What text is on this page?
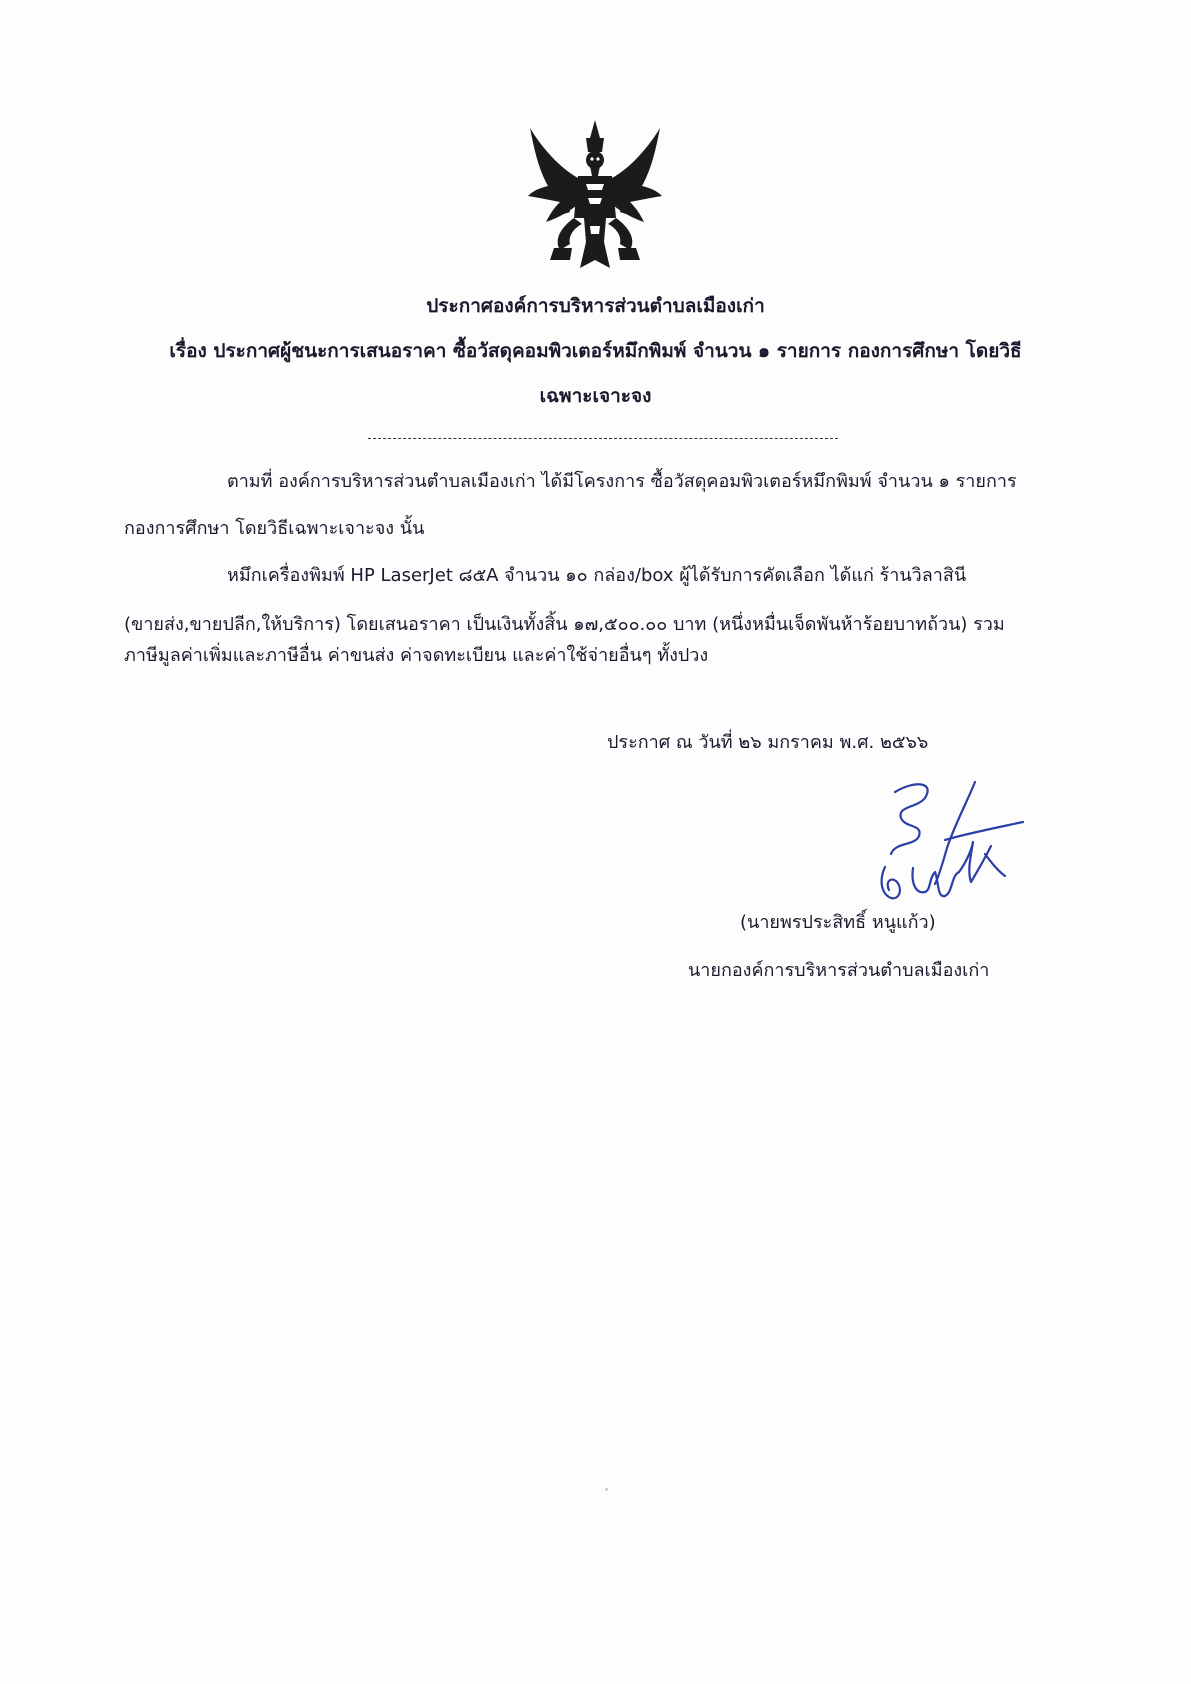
ประกาศองค์การบริหารส่วนตำบลเมืองเก่า
เรื่อง ประกาศผู้ชนะการเสนอราคา ซื้อวัสดุคอมพิวเตอร์หมึกพิมพ์ จำนวน ๑ รายการ กองการศึกษา โดยวิธี
เฉพาะเจาะจง
ตามที่ องค์การบริหารส่วนตำบลเมืองเก่า ได้มีโครงการ ซื้อวัสดุคอมพิวเตอร์หมึกพิมพ์ จำนวน ๑ รายการ
กองการศึกษา โดยวิธีเฉพาะเจาะจง นั้น
หมึกเครื่องพิมพ์ HP LaserJet ๘๕A จำนวน ๑๐ กล่อง/box ผู้ได้รับการคัดเลือก ได้แก่ ร้านวิลาสินี
(ขายส่ง,ขายปลีก,ให้บริการ) โดยเสนอราคา เป็นเงินทั้งสิ้น ๑๗,๕๐๐.๐๐ บาท (หนึ่งหมื่นเจ็ดพันห้าร้อยบาทถ้วน) รวม
ภาษีมูลค่าเพิ่มและภาษีอื่น ค่าขนส่ง ค่าจดทะเบียน และค่าใช้จ่ายอื่นๆ ทั้งปวง
ประกาศ ณ วันที่ ๒๖ มกราคม พ.ศ. ๒๕๖๖
(นายพรประสิทธิ์ หนูแก้ว)
นายกองค์การบริหารส่วนตำบลเมืองเก่า
